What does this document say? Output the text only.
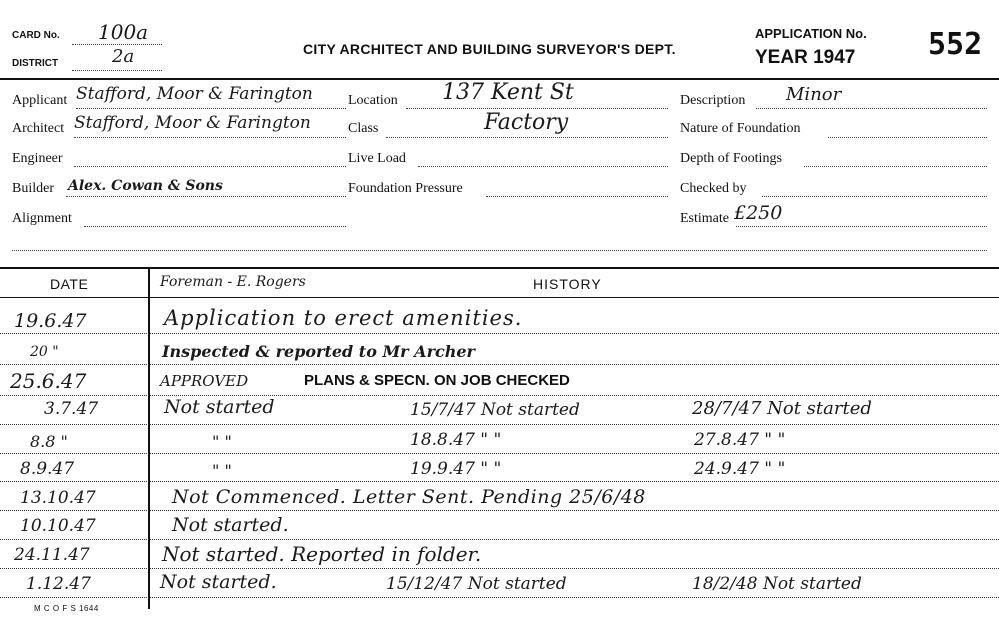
CARD No. 100a
DISTRICT	2a	CITY ARCHITECT AND BUILDING SURVEYOR'S DEPT.
APPLICATION No.
YEAR 1947 552
Applicant Stafford, Moor & Farington
Architect Stafford, Moor & Farington
Engineer
Builder Alex. Cowan & Sons
Alignment
Location 137 Kent St
Class	Factory
Live Load
Foundation Pressure
Description Minor
Nature of Foundation
Depth of Footings
Checked by
Estimate £250
DATE	Foreman - E. Rogers	HISTORY
19.6.47	Application to erect amenities.
20 "	Inspected & reported to Mr Archer
25.6.47	APPROVED	PLANS & SPECN. ON JOB CHECKED
3.7.47	Not started	15/7/47 Not started	28/7/47 Not started
8.8 "	" "	18.8.47 " "	27.8.47 " "
8.9.47	" "	19.9.47 " "	24.9.47 " "
13.10.47	Not Commenced. Letter Sent. Pending 25/6/48
10.10.47	Not started.
24.11.47	Not started. Reported in folder.
1.12.47	Not started.	15/12/47 Not started	18/2/48 Not started
M C O F S 1644
